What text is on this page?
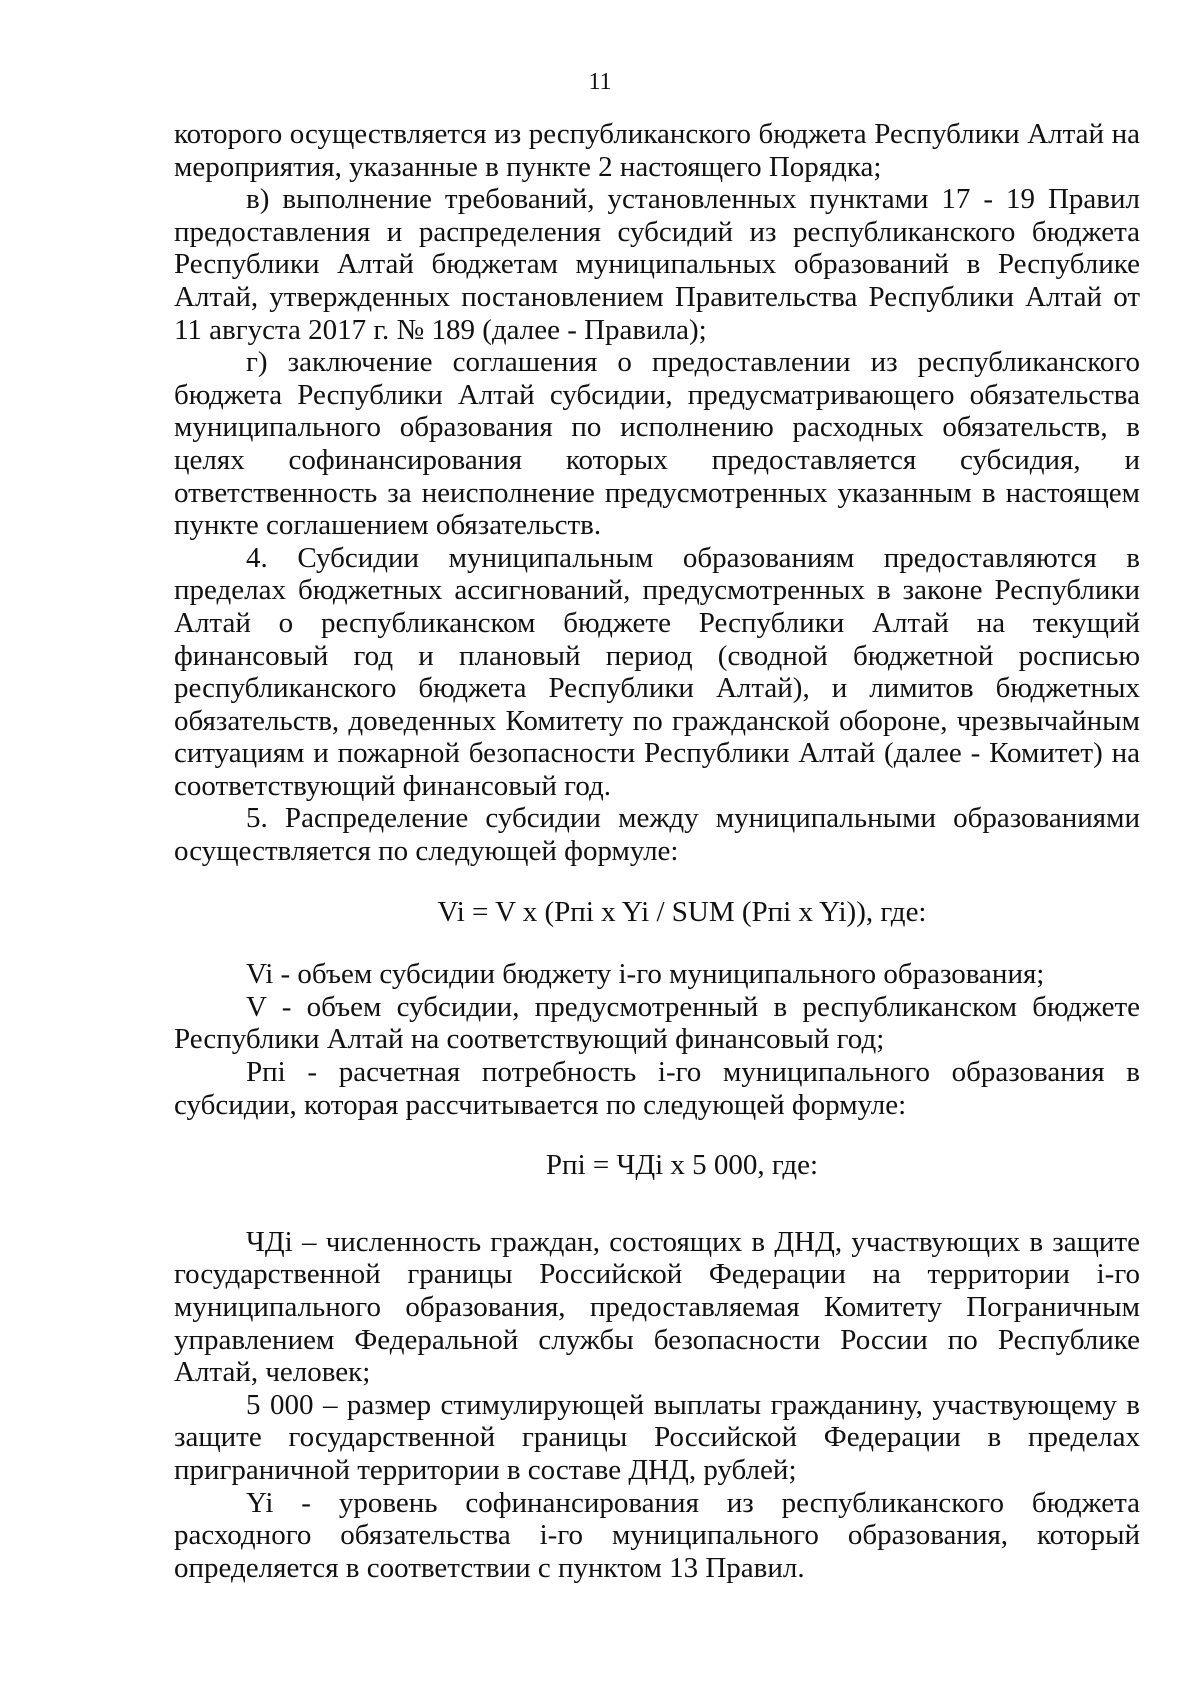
11

которого осуществляется из республиканского бюджета Республики Алтай на мероприятия, указанные в пункте 2 настоящего Порядка;

в) выполнение требований, установленных пунктами 17 - 19 Правил предоставления и распределения субсидий из республиканского бюджета Республики Алтай бюджетам муниципальных образований в Республике Алтай, утвержденных постановлением Правительства Республики Алтай от 11 августа 2017 г. № 189 (далее - Правила);

г) заключение соглашения о предоставлении из республиканского бюджета Республики Алтай субсидии, предусматривающего обязательства муниципального образования по исполнению расходных обязательств, в целях софинансирования которых предоставляется субсидия, и ответственность за неисполнение предусмотренных указанным в настоящем пункте соглашением обязательств.

4. Субсидии муниципальным образованиям предоставляются в пределах бюджетных ассигнований, предусмотренных в законе Республики Алтай о республиканском бюджете Республики Алтай на текущий финансовый год и плановый период (сводной бюджетной росписью республиканского бюджета Республики Алтай), и лимитов бюджетных обязательств, доведенных Комитету по гражданской обороне, чрезвычайным ситуациям и пожарной безопасности Республики Алтай (далее - Комитет) на соответствующий финансовый год.

5. Распределение субсидии между муниципальными образованиями осуществляется по следующей формуле:

Vi = V x (Рпi x Yi / SUM (Рпi x Yi)), где:

Vi - объем субсидии бюджету i-го муниципального образования;

V - объем субсидии, предусмотренный в республиканском бюджете Республики Алтай на соответствующий финансовый год;

Рпi - расчетная потребность i-го муниципального образования в субсидии, которая рассчитывается по следующей формуле:

Рпi = ЧДi x 5 000, где:

ЧДi – численность граждан, состоящих в ДНД, участвующих в защите государственной границы Российской Федерации на территории i-го муниципального образования, предоставляемая Комитету Пограничным управлением Федеральной службы безопасности России по Республике Алтай, человек;

5 000 – размер стимулирующей выплаты гражданину, участвующему в защите государственной границы Российской Федерации в пределах приграничной территории в составе ДНД, рублей;

Yi - уровень софинансирования из республиканского бюджета расходного обязательства i-го муниципального образования, который определяется в соответствии с пунктом 13 Правил.
